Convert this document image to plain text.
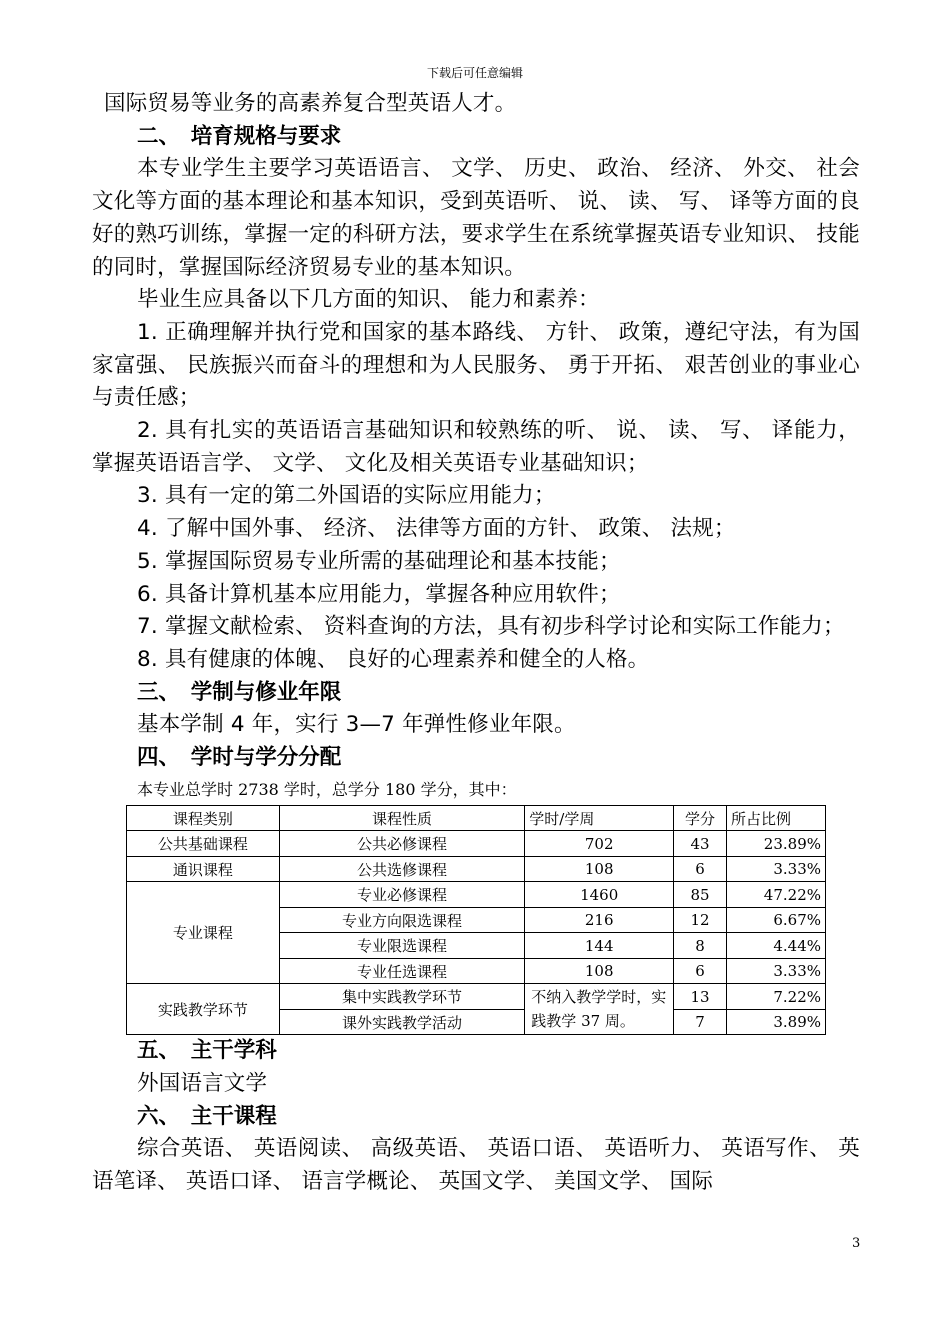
下载后可任意编辑

国际贸易等业务的高素养复合型英语人才。

二、　培育规格与要求

本专业学生主要学习英语语言、 文学、 历史、 政治、 经济、 外交、 社会文化等方面的基本理论和基本知识，受到英语听、 说、 读、 写、 译等方面的良好的熟巧训练，掌握一定的科研方法，要求学生在系统掌握英语专业知识、 技能的同时，掌握国际经济贸易专业的基本知识。

毕业生应具备以下几方面的知识、 能力和素养：

1. 正确理解并执行党和国家的基本路线、 方针、 政策，遵纪守法，有为国家富强、 民族振兴而奋斗的理想和为人民服务、 勇于开拓、 艰苦创业的事业心与责任感；

2. 具有扎实的英语语言基础知识和较熟练的听、 说、 读、 写、 译能力，掌握英语语言学、 文学、 文化及相关英语专业基础知识；

3. 具有一定的第二外国语的实际应用能力；

4. 了解中国外事、 经济、 法律等方面的方针、 政策、 法规；

5. 掌握国际贸易专业所需的基础理论和基本技能；

6. 具备计算机基本应用能力，掌握各种应用软件；

7. 掌握文献检索、 资料查询的方法，具有初步科学讨论和实际工作能力；

8. 具有健康的体魄、 良好的心理素养和健全的人格。

三、　学制与修业年限

基本学制 4 年，实行 3—7 年弹性修业年限。

四、　学时与学分分配

本专业总学时 2738 学时，总学分 180 学分，其中：

课程类别	课程性质	学时/学周	学分	所占比例
公共基础课程	公共必修课程	702	43	23.89%
通识课程	公共选修课程	108	6	3.33%
专业课程	专业必修课程	1460	85	47.22%
	专业方向限选课程	216	12	6.67%
	专业限选课程	144	8	4.44%
	专业任选课程	108	6	3.33%
实践教学环节	集中实践教学环节	不纳入教学学时，实践教学 37 周。	13	7.22%
	课外实践教学活动		7	3.89%

五、　主干学科

外国语言文学

六、　主干课程

综合英语、 英语阅读、 高级英语、 英语口语、 英语听力、 英语写作、 英语笔译、 英语口译、 语言学概论、 英国文学、 美国文学、 国际

3
